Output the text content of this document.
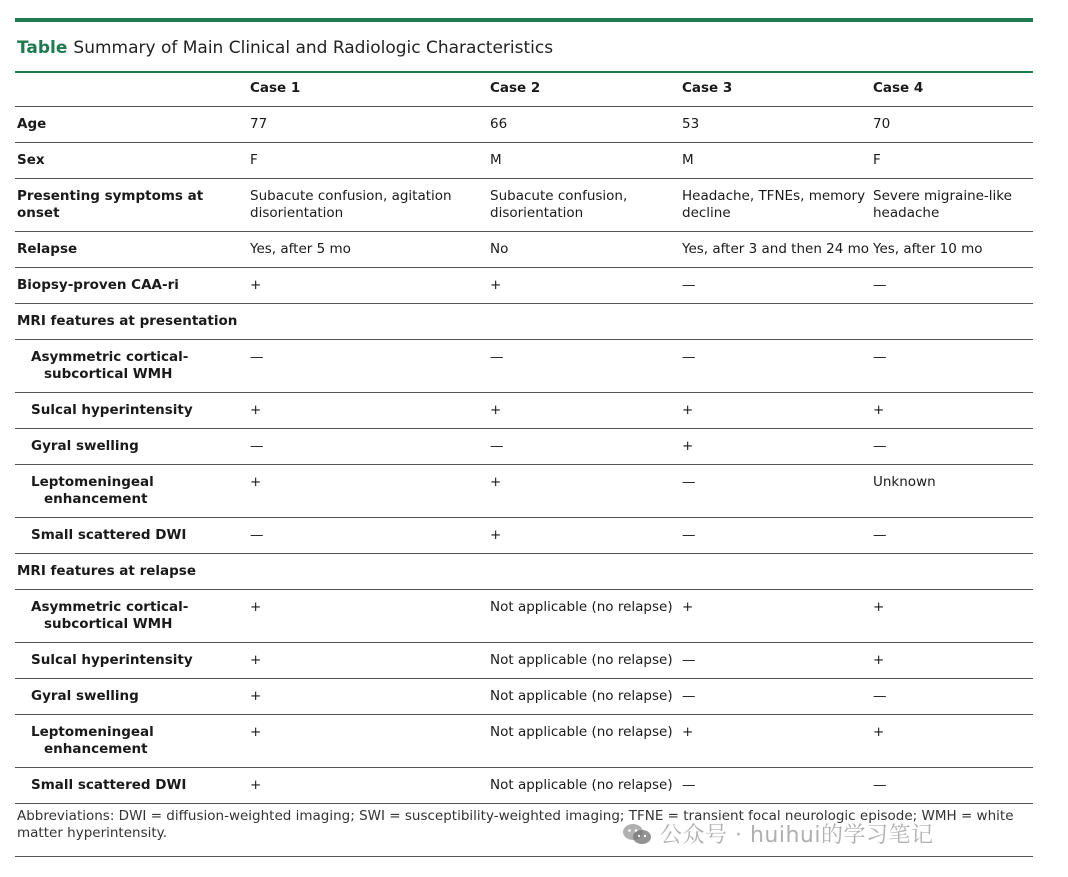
Table Summary of Main Clinical and Radiologic Characteristics
	Case 1	Case 2	Case 3	Case 4
Age	77	66	53	70
Sex	F	M	M	F
Presenting symptoms at onset	Subacute confusion, agitation disorientation	Subacute confusion, disorientation	Headache, TFNEs, memory decline	Severe migraine-like headache
Relapse	Yes, after 5 mo	No	Yes, after 3 and then 24 mo	Yes, after 10 mo
Biopsy-proven CAA-ri	+	+	—	—
MRI features at presentation				

Asymmetric cortical-
subcortical WMH	—	—	—	—
Sulcal hyperintensity	+	+	+	+
Gyral swelling	—	—	+	—

Leptomeningeal
enhancement	+	+	—	Unknown
Small scattered DWI	—	+	—	—
MRI features at relapse				

Asymmetric cortical-
subcortical WMH	+	Not applicable (no relapse)	+	+
Sulcal hyperintensity	+	Not applicable (no relapse)	—	+
Gyral swelling	+	Not applicable (no relapse)	—	—

Leptomeningeal
enhancement	+	Not applicable (no relapse)	+	+
Small scattered DWI	+	Not applicable (no relapse)	—	—
Abbreviations: DWI = diffusion-weighted imaging; SWI = susceptibility-weighted imaging; TFNE = transient focal neurologic episode; WMH = white matter hyperintensity.	公众号 · huihui的学习笔记
